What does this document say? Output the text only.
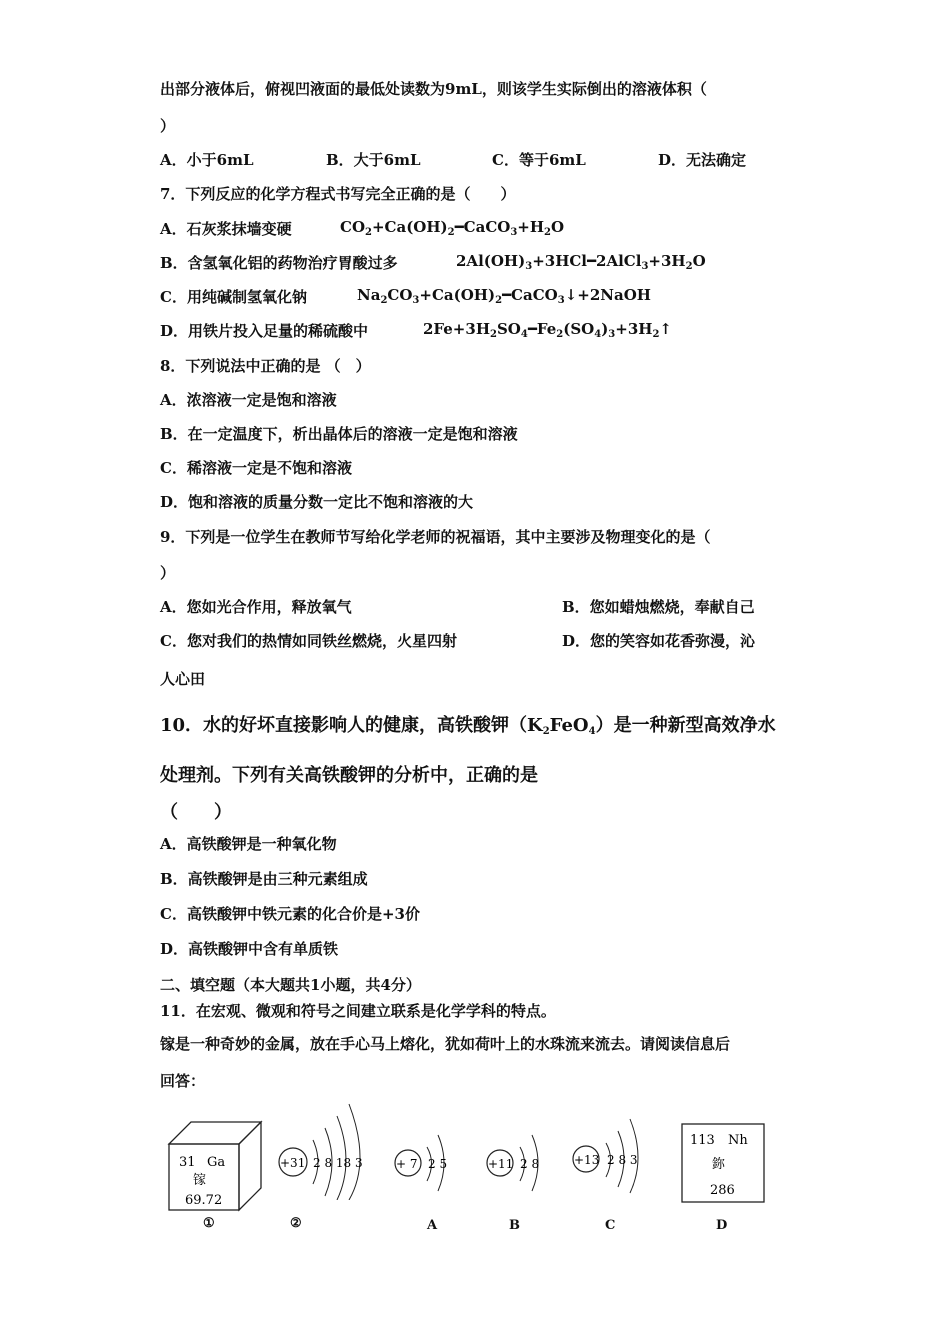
出部分液体后，俯视凹液面的最低处读数为9mL，则该学生实际倒出的溶液体积（
）
A．小于6mL	B．大于6mL	C．等于6mL	D．无法确定
7．下列反应的化学方程式书写完全正确的是（　　）
A．石灰浆抹墙变硬	$CO_2+Ca(OH)_2━CaCO_3+H_2O$
B．含氢氧化铝的药物治疗胃酸过多	$2Al(OH)_3+3HCl━2AlCl_3+3H_2O$
C．用纯碱制氢氧化钠	$Na_2CO_3+Ca(OH)_2━CaCO_3↓+2NaOH$
D．用铁片投入足量的稀硫酸中	$2Fe+3H_2SO_4━Fe_2(SO_4)_3+3H_2↑$
8．下列说法中正确的是 （　）
A．浓溶液一定是饱和溶液
B．在一定温度下，析出晶体后的溶液一定是饱和溶液
C．稀溶液一定是不饱和溶液
D．饱和溶液的质量分数一定比不饱和溶液的大
9．下列是一位学生在教师节写给化学老师的祝福语，其中主要涉及物理变化的是（
）
A．您如光合作用，释放氧气	B．您如蜡烛燃烧，奉献自己
C．您对我们的热情如同铁丝燃烧，火星四射	D．您的笑容如花香弥漫，沁
人心田
10．水的好坏直接影响人的健康，高铁酸钾$(K_2FeO_4)$是一种新型高效净水
处理剂。下列有关高铁酸钾的分析中，正确的是
（　　）
A．高铁酸钾是一种氧化物
B．高铁酸钾是由三种元素组成
C．高铁酸钾中铁元素的化合价是+3价
D．高铁酸钾中含有单质铁
二、填空题（本大题共1小题，共4分）
11．在宏观、微观和符号之间建立联系是化学学科的特点。
镓是一种奇妙的金属，放在手心马上熔化，犹如荷叶上的水珠流来流去。请阅读信息后
回答：
31 Ga
镓
69.72
+31 2 8 18 3	+ 7 2 5	+11 2 8	+13 2 8 3
113 Nh
鉨
286
①	②	A	B	C	D
